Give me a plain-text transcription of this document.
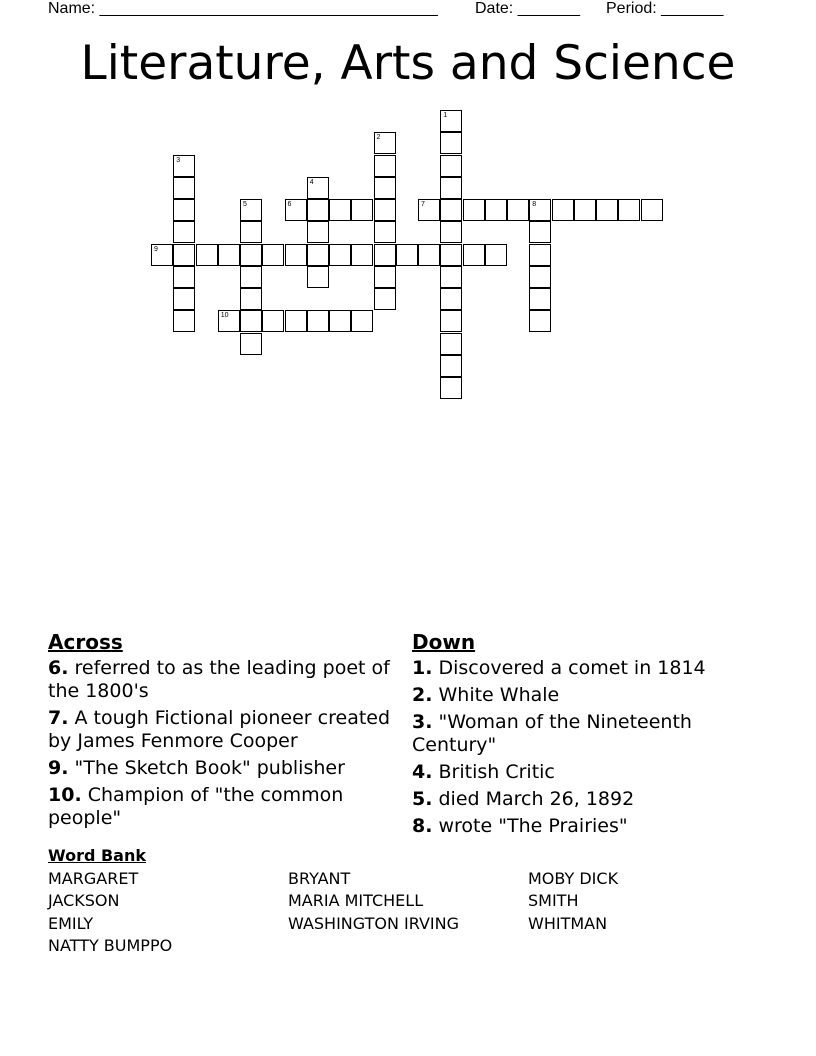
Name: ______________________________________ Date: _______ Period: _______
Literature, Arts and Science
1
2
3
4
5	6	7	8
9
10
Across
6. referred to as the leading poet of the 1800's
7. A tough Fictional pioneer created by James Fenmore Cooper
9. "The Sketch Book" publisher
10. Champion of "the common people"
Down
1. Discovered a comet in 1814
2. White Whale
3. "Woman of the Nineteenth Century"
4. British Critic
5. died March 26, 1892
8. wrote "The Prairies"
Word Bank
MARGARET
JACKSON
EMILY
NATTY BUMPPO
BRYANT
MARIA MITCHELL
WASHINGTON IRVING
MOBY DICK
SMITH
WHITMAN
